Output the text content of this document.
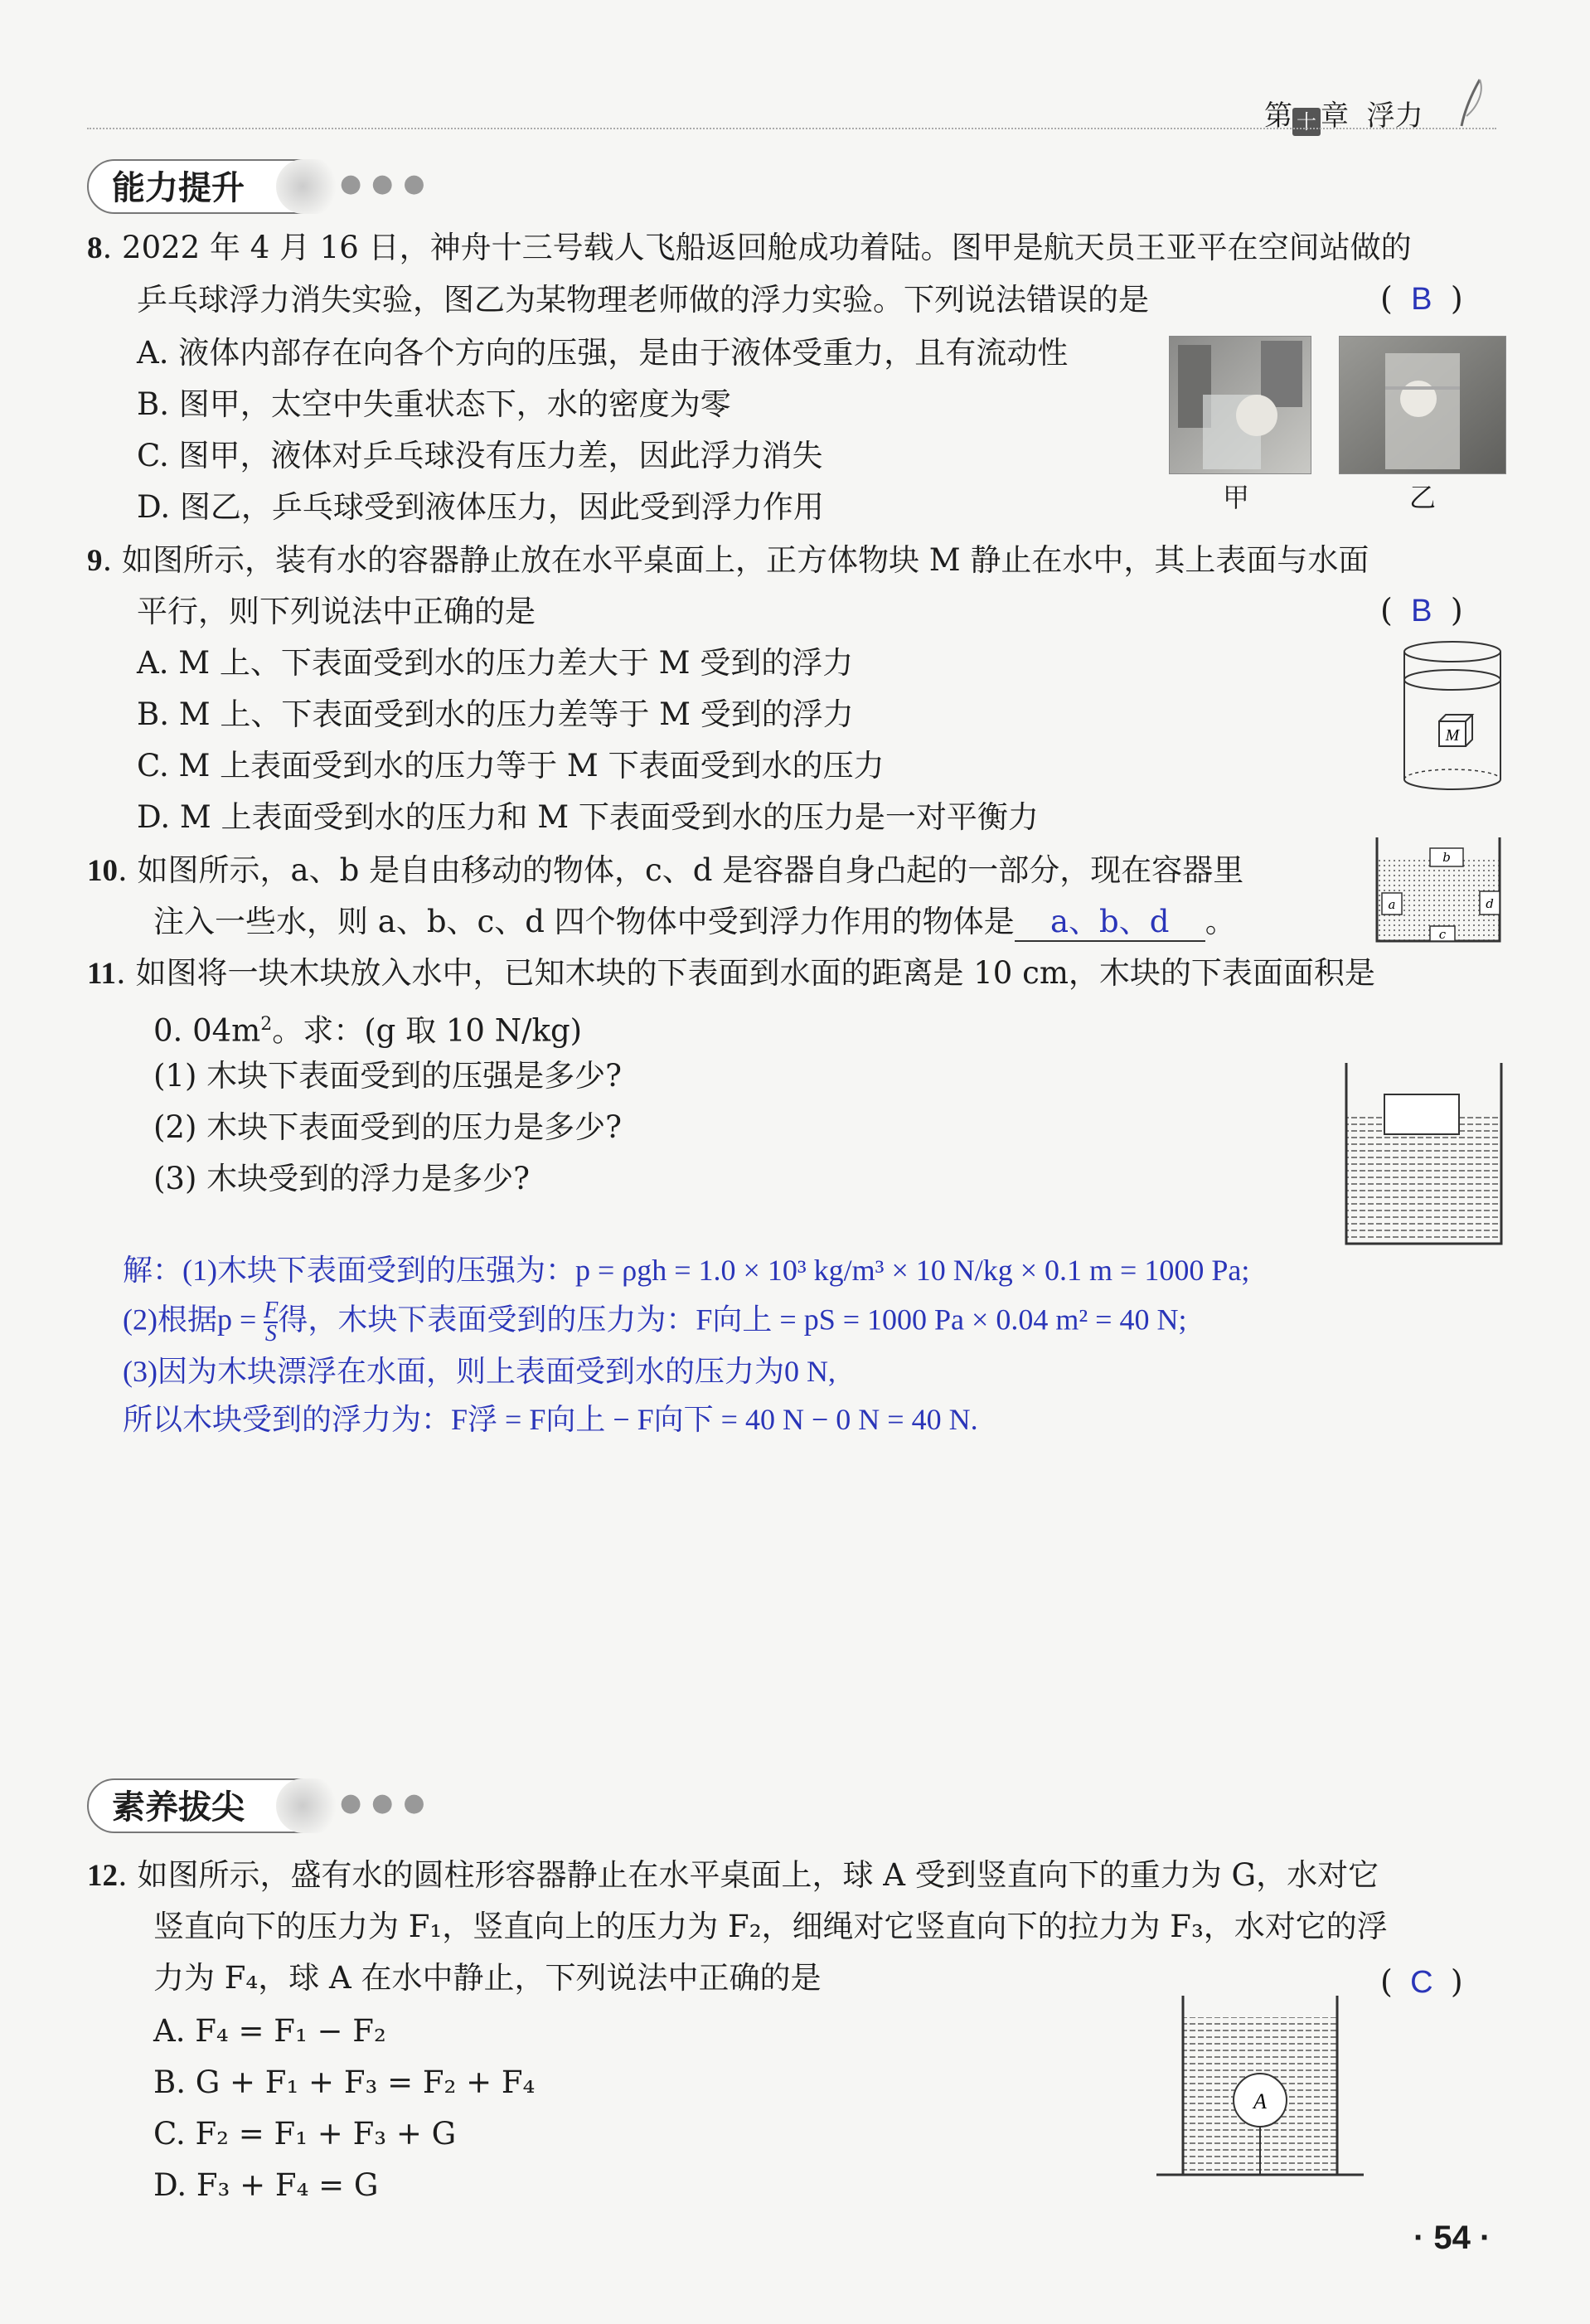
第 十 章 浮力
能力提升	●●●
8. 2022 年 4 月 16 日，神舟十三号载人飞船返回舱成功着陆。图甲是航天员王亚平在空间站做的
乒乓球浮力消失实验，图乙为某物理老师做的浮力实验。下列说法错误的是	( B )
A. 液体内部存在向各个方向的压强，是由于液体受重力，且有流动性
B. 图甲，太空中失重状态下，水的密度为零
C. 图甲，液体对乒乓球没有压力差，因此浮力消失
D. 图乙，乒乓球受到液体压力，因此受到浮力作用	甲	乙
9. 如图所示，装有水的容器静止放在水平桌面上，正方体物块 M 静止在水中，其上表面与水面
平行，则下列说法中正确的是	( B )
A. M 上、下表面受到水的压力差大于 M 受到的浮力
B. M 上、下表面受到水的压力差等于 M 受到的浮力
C. M 上表面受到水的压力等于 M 下表面受到水的压力
D. M 上表面受到水的压力和 M 下表面受到水的压力是一对平衡力
M
10. 如图所示，a、b 是自由移动的物体，c、d 是容器自身凸起的一部分，现在容器里
注入一些水，则 a、b、c、d 四个物体中受到浮力作用的物体是 a、b、d 。
b
a
c
d
11. 如图将一块木块放入水中，已知木块的下表面到水面的距离是 10 cm，木块的下表面面积是
0. $04m^2$。求：(g 取 10 N/kg)
(1) 木块下表面受到的压强是多少?
(2) 木块下表面受到的压力是多少?
(3) 木块受到的浮力是多少?
解：(1)木块下表面受到的压强为：p = ρgh = 1.0 × 10³ kg/m³ × 10 N/kg × 0.1 m = 1000 Pa;
(2)根据$p = \frac{F}{S}$ 得，木块下表面受到的压力为：F向上 = pS = 1000 Pa × 0.04 m² = 40 N;
(3)因为木块漂浮在水面，则上表面受到水的压力为0 N,
所以木块受到的浮力为：F浮 = F向上 − F向下 = 40 N − 0 N = 40 N.
素养拔尖	●●●
12. 如图所示，盛有水的圆柱形容器静止在水平桌面上，球 A 受到竖直向下的重力为 G，水对它
竖直向下的压力为 F₁，竖直向上的压力为 F₂，细绳对它竖直向下的拉力为 F₃，水对它的浮
力为 F₄，球 A 在水中静止，下列说法中正确的是	( C )
A. F₄ = F₁ − F₂
B. G + F₁ + F₃ = F₂ + F₄
C. F₂ = F₁ + F₃ + G
D. F₃ + F₄ = G
A
· 54 ·
